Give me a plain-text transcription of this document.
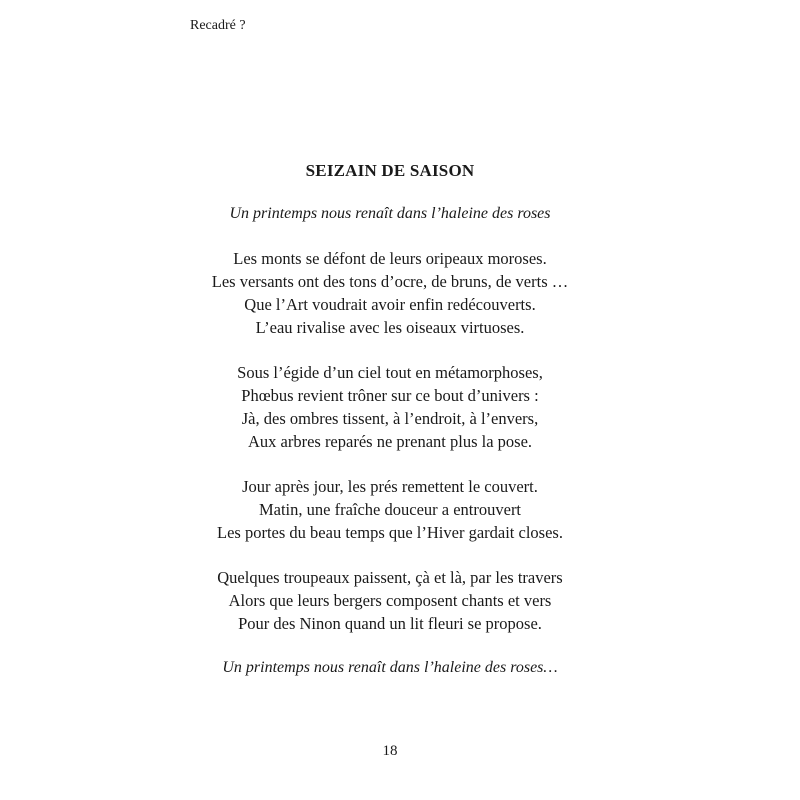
Recadré ?
SEIZAIN DE SAISON
Un printemps nous renaît dans l’haleine des roses
Les monts se défont de leurs oripeaux moroses.
Les versants ont des tons d’ocre, de bruns, de verts …
Que l’Art voudrait avoir enfin redécouverts.
L’eau rivalise avec les oiseaux virtuoses.
Sous l’égide d’un ciel tout en métamorphoses,
Phœbus revient trôner sur ce bout d’univers :
Jà, des ombres tissent, à l’endroit, à l’envers,
Aux arbres reparés ne prenant plus la pose.
Jour après jour, les prés remettent le couvert.
Matin, une fraîche douceur a entrouvert
Les portes du beau temps que l’Hiver gardait closes.
Quelques troupeaux paissent, çà et là, par les travers
Alors que leurs bergers composent chants et vers
Pour des Ninon quand un lit fleuri se propose.
Un printemps nous renaît dans l’haleine des roses…
18
